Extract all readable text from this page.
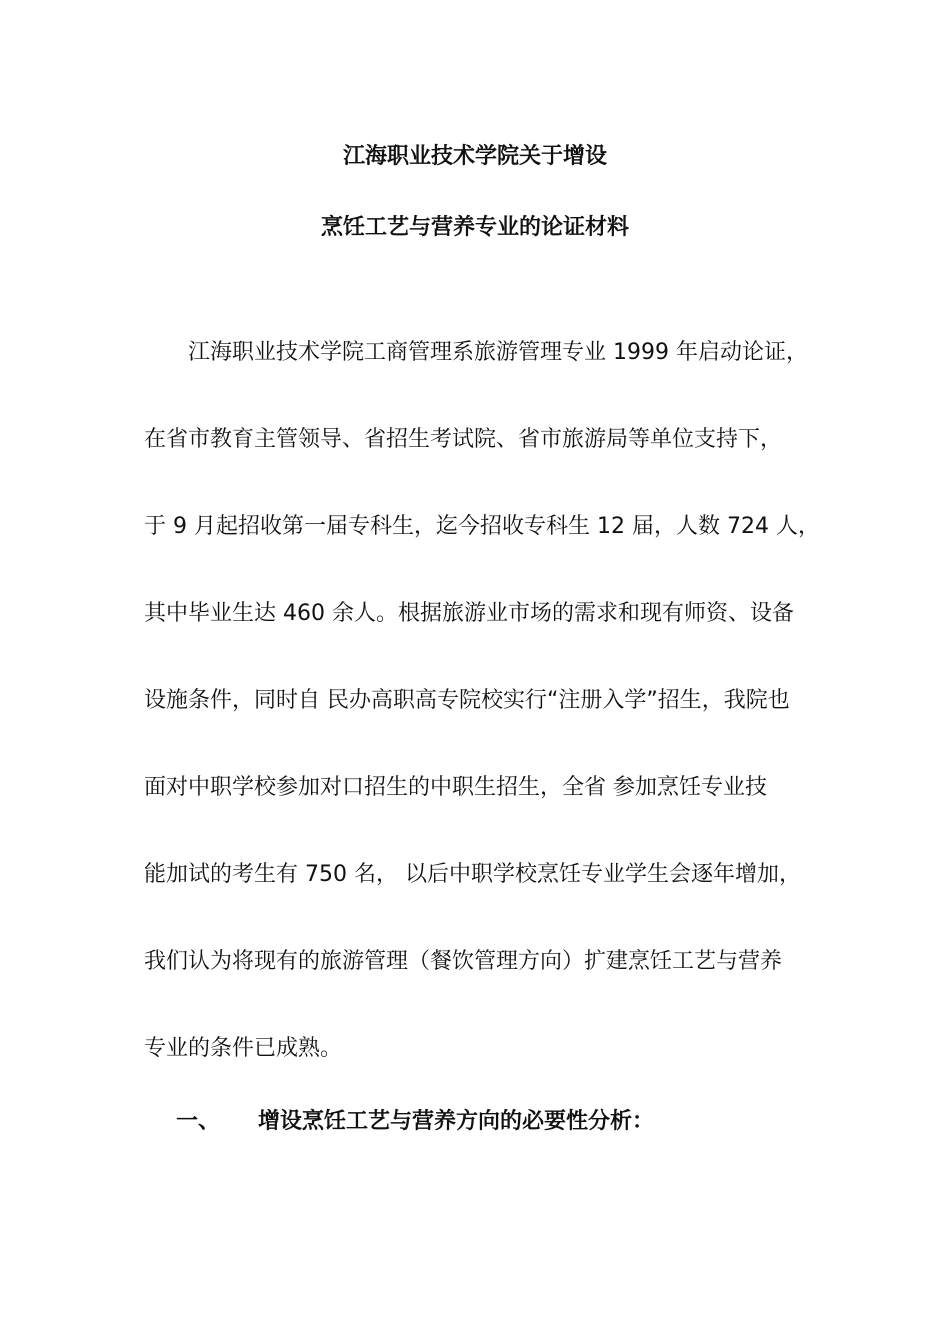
江海职业技术学院关于增设
烹饪工艺与营养专业的论证材料
江海职业技术学院工商管理系旅游管理专业 1999 年启动论证，
在省市教育主管领导、省招生考试院、省市旅游局等单位支持下，
于 9 月起招收第一届专科生，迄今招收专科生 12 届，人数 724 人，
其中毕业生达 460 余人。根据旅游业市场的需求和现有师资、设备
设施条件，同时自 民办高职高专院校实行“注册入学”招生，我院也
面对中职学校参加对口招生的中职生招生，全省 参加烹饪专业技
能加试的考生有 750 名， 以后中职学校烹饪专业学生会逐年增加，
我们认为将现有的旅游管理（餐饮管理方向）扩建烹饪工艺与营养
专业的条件已成熟。
一、 增设烹饪工艺与营养方向的必要性分析：
